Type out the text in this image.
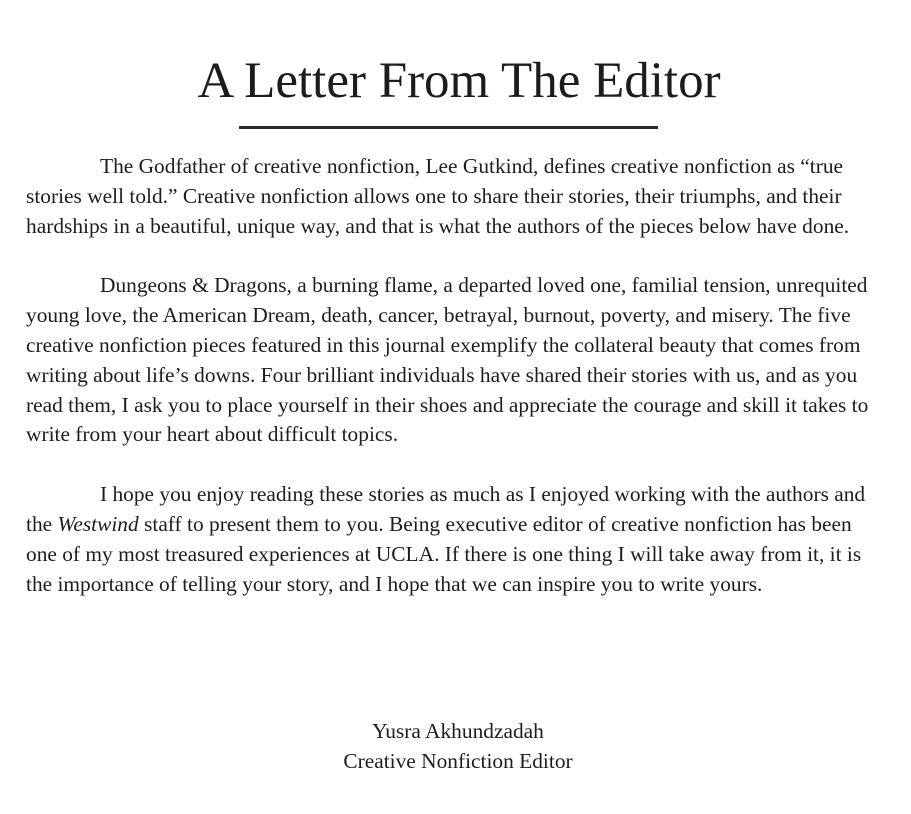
A Letter From The Editor

The Godfather of creative nonfiction, Lee Gutkind, defines creative nonfiction as “true stories well told.” Creative nonfiction allows one to share their stories, their triumphs, and their hardships in a beautiful, unique way, and that is what the authors of the pieces below have done.

Dungeons & Dragons, a burning flame, a departed loved one, familial tension, unrequited young love, the American Dream, death, cancer, betrayal, burnout, poverty, and misery. The five creative nonfiction pieces featured in this journal exemplify the collateral beauty that comes from writing about life’s downs. Four brilliant individuals have shared their stories with us, and as you read them, I ask you to place yourself in their shoes and appreciate the courage and skill it takes to write from your heart about difficult topics.

I hope you enjoy reading these stories as much as I enjoyed working with the authors and the Westwind staff to present them to you. Being executive editor of creative nonfiction has been one of my most treasured experiences at UCLA. If there is one thing I will take away from it, it is the importance of telling your story, and I hope that we can inspire you to write yours.

Yusra Akhundzadah
Creative Nonfiction Editor
